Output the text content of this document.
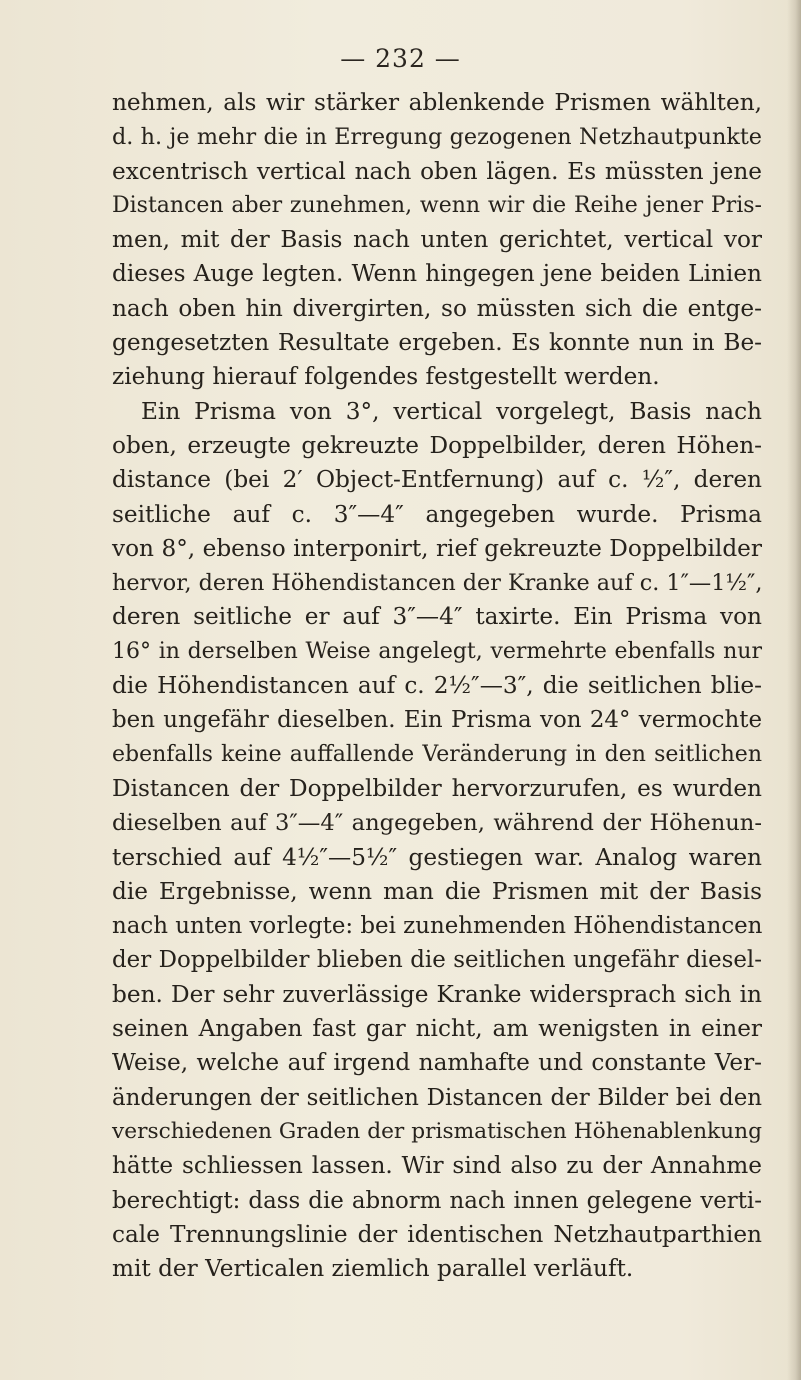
— 232 —
nehmen, als wir stärker ablenkende Prismen wählten,
d. h. je mehr die in Erregung gezogenen Netzhautpunkte
excentrisch vertical nach oben lägen. Es müssten jene
Distancen aber zunehmen, wenn wir die Reihe jener Pris-
men, mit der Basis nach unten gerichtet, vertical vor
dieses Auge legten. Wenn hingegen jene beiden Linien
nach oben hin divergirten, so müssten sich die entge-
gengesetzten Resultate ergeben. Es konnte nun in Be-
ziehung hierauf folgendes festgestellt werden.
Ein Prisma von 3°, vertical vorgelegt, Basis nach
oben, erzeugte gekreuzte Doppelbilder, deren Höhen-
distance (bei 2′ Object-Entfernung) auf c. ½″, deren
seitliche auf c. 3″—4″ angegeben wurde. Prisma
von 8°, ebenso interponirt, rief gekreuzte Doppelbilder
hervor, deren Höhendistancen der Kranke auf c. 1″—1½″,
deren seitliche er auf 3″—4″ taxirte. Ein Prisma von
16° in derselben Weise angelegt, vermehrte ebenfalls nur
die Höhendistancen auf c. 2½″—3″, die seitlichen blie-
ben ungefähr dieselben. Ein Prisma von 24° vermochte
ebenfalls keine auffallende Veränderung in den seitlichen
Distancen der Doppelbilder hervorzurufen, es wurden
dieselben auf 3″—4″ angegeben, während der Höhenun-
terschied auf 4½″—5½″ gestiegen war. Analog waren
die Ergebnisse, wenn man die Prismen mit der Basis
nach unten vorlegte: bei zunehmenden Höhendistancen
der Doppelbilder blieben die seitlichen ungefähr diesel-
ben. Der sehr zuverlässige Kranke widersprach sich in
seinen Angaben fast gar nicht, am wenigsten in einer
Weise, welche auf irgend namhafte und constante Ver-
änderungen der seitlichen Distancen der Bilder bei den
verschiedenen Graden der prismatischen Höhenablenkung
hätte schliessen lassen. Wir sind also zu der Annahme
berechtigt: dass die abnorm nach innen gelegene verti-
cale Trennungslinie der identischen Netzhautparthien
mit der Verticalen ziemlich parallel verläuft.
